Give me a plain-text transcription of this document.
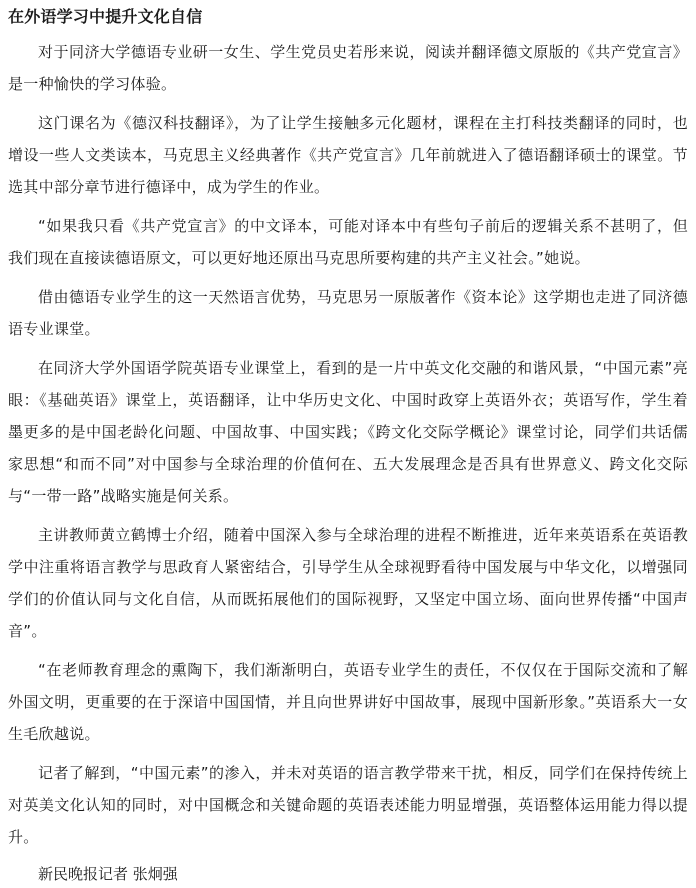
在外语学习中提升文化自信

对于同济大学德语专业研一女生、学生党员史若彤来说，阅读并翻译德文原版的《共产党宣言》是一种愉快的学习体验。

这门课名为《德汉科技翻译》，为了让学生接触多元化题材，课程在主打科技类翻译的同时，也增设一些人文类读本，马克思主义经典著作《共产党宣言》几年前就进入了德语翻译硕士的课堂。节选其中部分章节进行德译中，成为学生的作业。

“如果我只看《共产党宣言》的中文译本，可能对译本中有些句子前后的逻辑关系不甚明了，但我们现在直接读德语原文，可以更好地还原出马克思所要构建的共产主义社会。”她说。

借由德语专业学生的这一天然语言优势，马克思另一原版著作《资本论》这学期也走进了同济德语专业课堂。

在同济大学外国语学院英语专业课堂上，看到的是一片中英文化交融的和谐风景，“中国元素”亮眼：《基础英语》课堂上，英语翻译，让中华历史文化、中国时政穿上英语外衣；英语写作，学生着墨更多的是中国老龄化问题、中国故事、中国实践；《跨文化交际学概论》课堂讨论，同学们共话儒家思想“和而不同”对中国参与全球治理的价值何在、五大发展理念是否具有世界意义、跨文化交际与“一带一路”战略实施是何关系。

主讲教师黄立鹤博士介绍，随着中国深入参与全球治理的进程不断推进，近年来英语系在英语教学中注重将语言教学与思政育人紧密结合，引导学生从全球视野看待中国发展与中华文化，以增强同学们的价值认同与文化自信，从而既拓展他们的国际视野，又坚定中国立场、面向世界传播“中国声音”。

“在老师教育理念的熏陶下，我们渐渐明白，英语专业学生的责任，不仅仅在于国际交流和了解外国文明，更重要的在于深谙中国国情，并且向世界讲好中国故事，展现中国新形象。”英语系大一女生毛欣越说。

记者了解到，“中国元素”的渗入，并未对英语的语言教学带来干扰，相反，同学们在保持传统上对英美文化认知的同时，对中国概念和关键命题的英语表述能力明显增强，英语整体运用能力得以提升。

新民晚报记者 张炯强
